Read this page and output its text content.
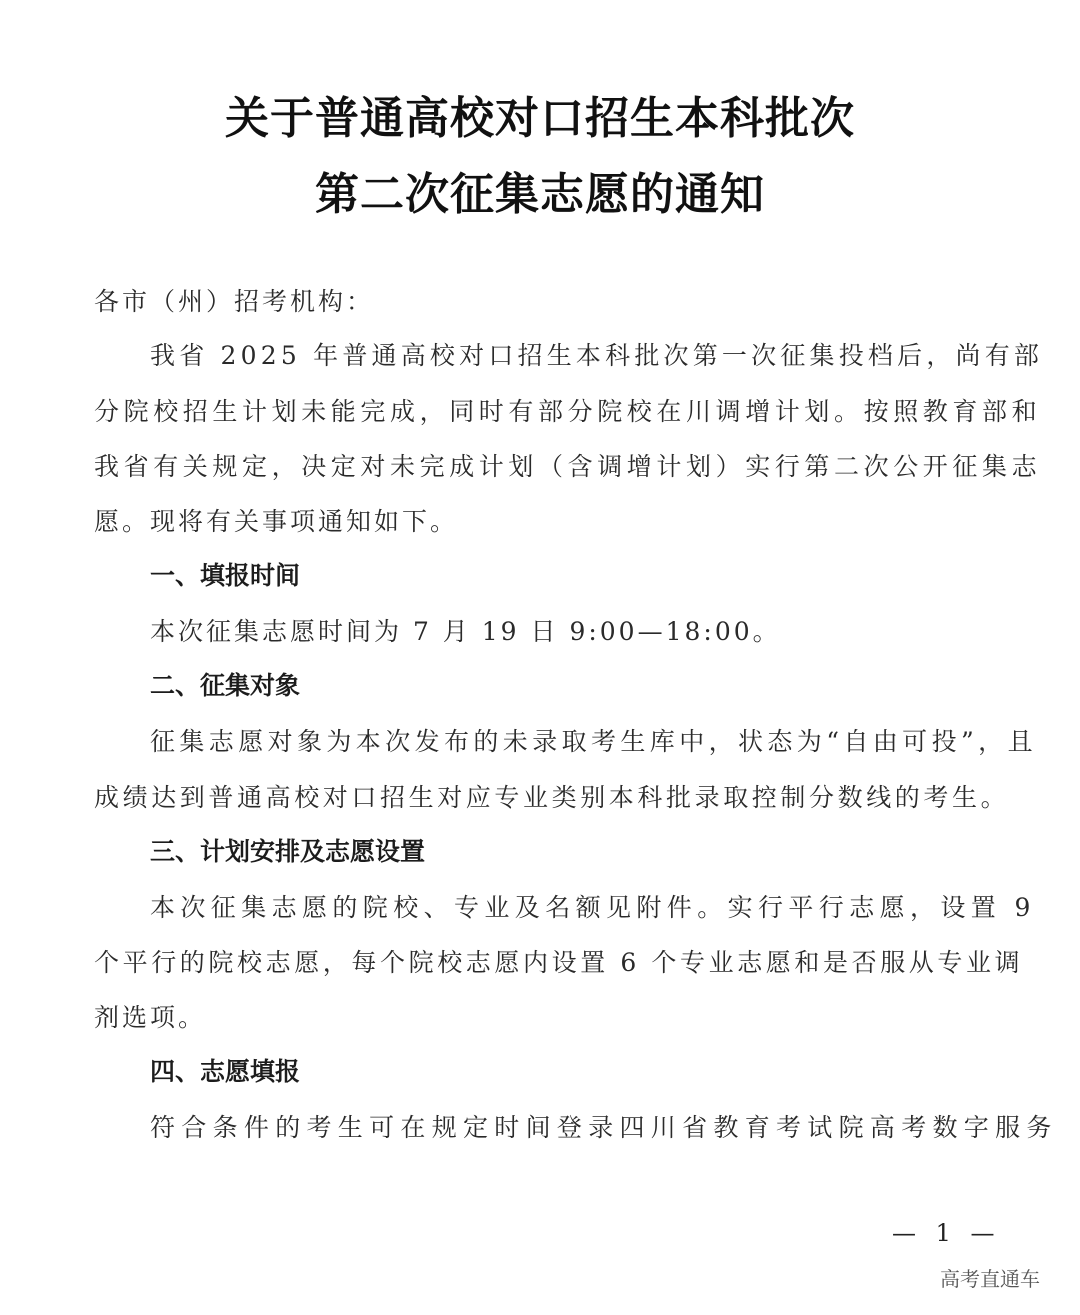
关于普通高校对口招生本科批次
第二次征集志愿的通知
各市（州）招考机构：
我省 2025 年普通高校对口招生本科批次第一次征集投档后，尚有部
分院校招生计划未能完成，同时有部分院校在川调增计划。按照教育部和
我省有关规定，决定对未完成计划（含调增计划）实行第二次公开征集志
愿。现将有关事项通知如下。
一、填报时间
本次征集志愿时间为 7 月 19 日 9:00—18:00。
二、征集对象
征集志愿对象为本次发布的未录取考生库中，状态为“自由可投”，且
成绩达到普通高校对口招生对应专业类别本科批录取控制分数线的考生。
三、计划安排及志愿设置
本次征集志愿的院校、专业及名额见附件。实行平行志愿，设置 9
个平行的院校志愿，每个院校志愿内设置 6 个专业志愿和是否服从专业调
剂选项。
四、志愿填报
符合条件的考生可在规定时间登录四川省教育考试院高考数字服务
— 1 —
高考直通车
